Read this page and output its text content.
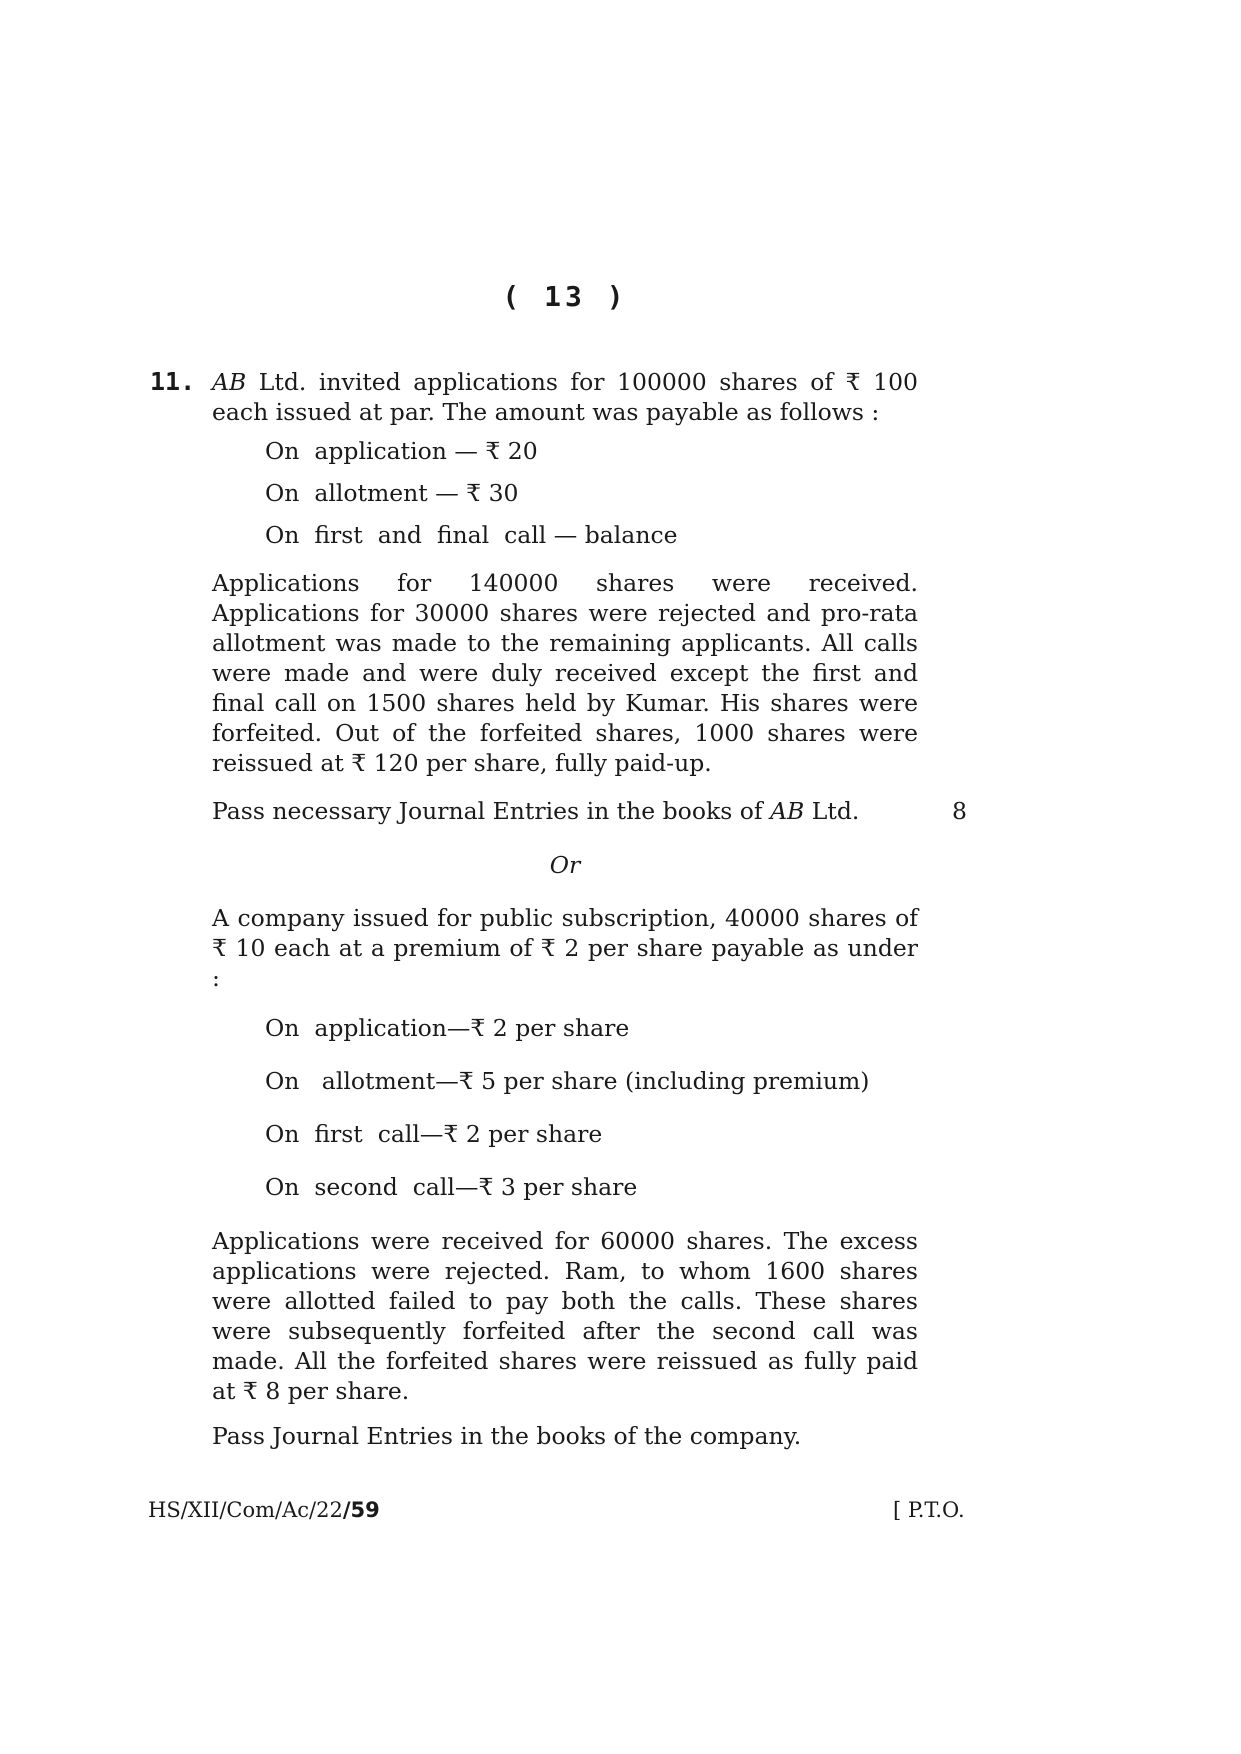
( 13 )
11. AB Ltd. invited applications for 100000 shares of ₹ 100 each issued at par. The amount was payable as follows :
On  application — ₹ 20
On  allotment — ₹ 30
On  first  and  final  call — balance
Applications for 140000 shares were received. Applications for 30000 shares were rejected and pro-rata allotment was made to the remaining applicants. All calls were made and were duly received except the first and final call on 1500 shares held by Kumar. His shares were forfeited. Out of the forfeited shares, 1000 shares were reissued at ₹ 120 per share, fully paid-up.
Pass necessary Journal Entries in the books of AB Ltd.	8
Or
A company issued for public subscription, 40000 shares of ₹ 10 each at a premium of ₹ 2 per share payable as under :
On  application—₹ 2 per share
On   allotment—₹ 5 per share (including premium)
On  first  call—₹ 2 per share
On  second  call—₹ 3 per share
Applications were received for 60000 shares. The excess applications were rejected. Ram, to whom 1600 shares were allotted failed to pay both the calls. These shares were subsequently forfeited after the second call was made. All the forfeited shares were reissued as fully paid at ₹ 8 per share.
Pass Journal Entries in the books of the company.
HS/XII/Com/Ac/22/59	[ P.T.O.
